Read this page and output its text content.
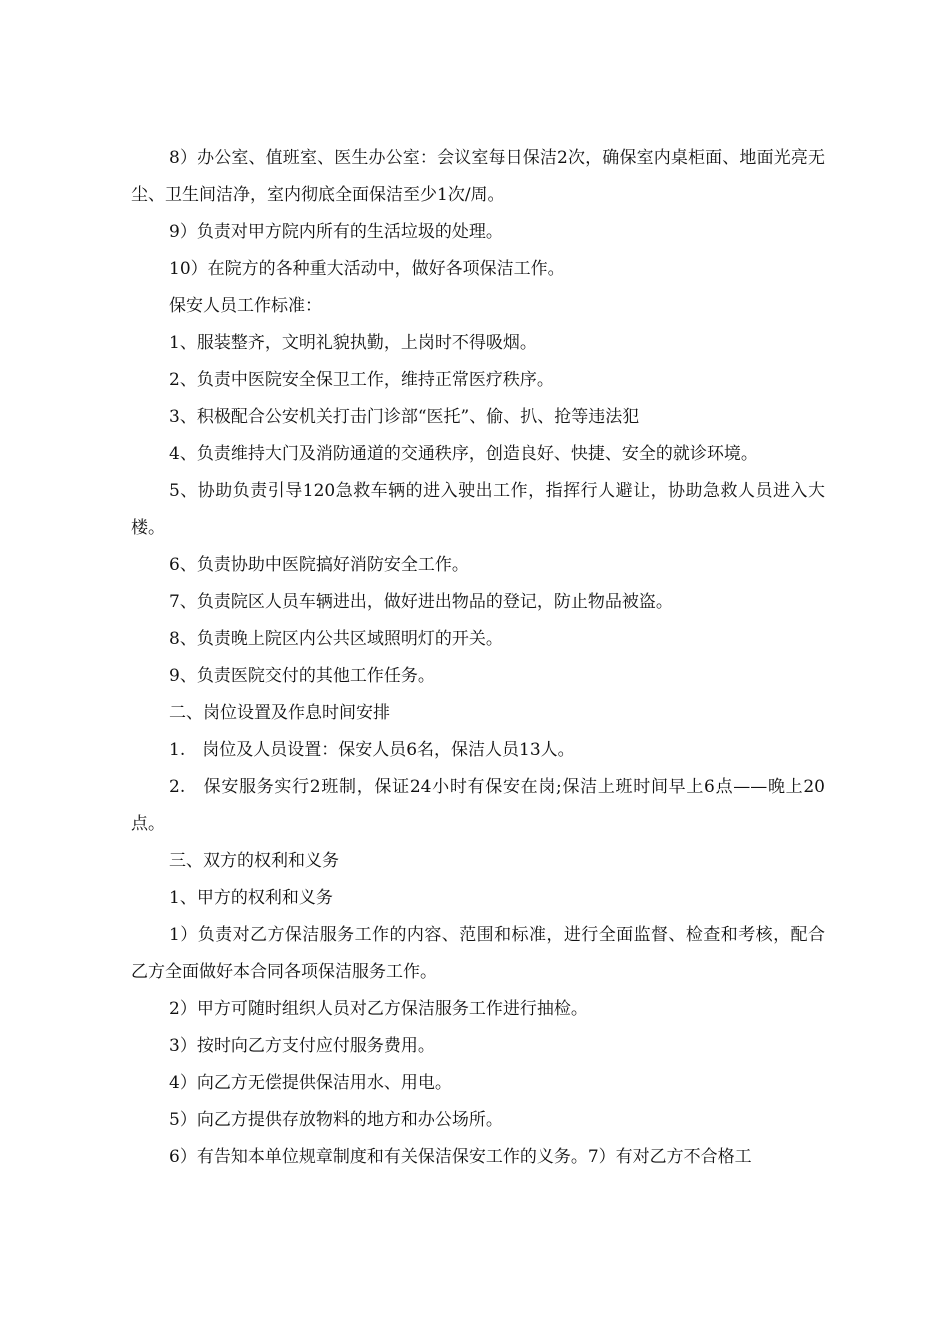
8）办公室、值班室、医生办公室：会议室每日保洁2次，确保室内桌柜面、地面光亮无尘、卫生间洁净，室内彻底全面保洁至少1次/周。

9）负责对甲方院内所有的生活垃圾的处理。

10）在院方的各种重大活动中，做好各项保洁工作。

保安人员工作标准：

1、服装整齐，文明礼貌执勤，上岗时不得吸烟。

2、负责中医院安全保卫工作，维持正常医疗秩序。

3、积极配合公安机关打击门诊部“医托”、偷、扒、抢等违法犯

4、负责维持大门及消防通道的交通秩序，创造良好、快捷、安全的就诊环境。

5、协助负责引导120急救车辆的进入驶出工作，指挥行人避让，协助急救人员进入大楼。

6、负责协助中医院搞好消防安全工作。

7、负责院区人员车辆进出，做好进出物品的登记，防止物品被盗。

8、负责晚上院区内公共区域照明灯的开关。

9、负责医院交付的其他工作任务。

二、岗位设置及作息时间安排

1.　岗位及人员设置：保安人员6名，保洁人员13人。

2.　保安服务实行2班制，保证24小时有保安在岗;保洁上班时间早上6点——晚上20点。

三、双方的权利和义务

1、甲方的权利和义务

1）负责对乙方保洁服务工作的内容、范围和标准，进行全面监督、检查和考核，配合乙方全面做好本合同各项保洁服务工作。

2）甲方可随时组织人员对乙方保洁服务工作进行抽检。

3）按时向乙方支付应付服务费用。

4）向乙方无偿提供保洁用水、用电。

5）向乙方提供存放物料的地方和办公场所。

6）有告知本单位规章制度和有关保洁保安工作的义务。7）有对乙方不合格工
